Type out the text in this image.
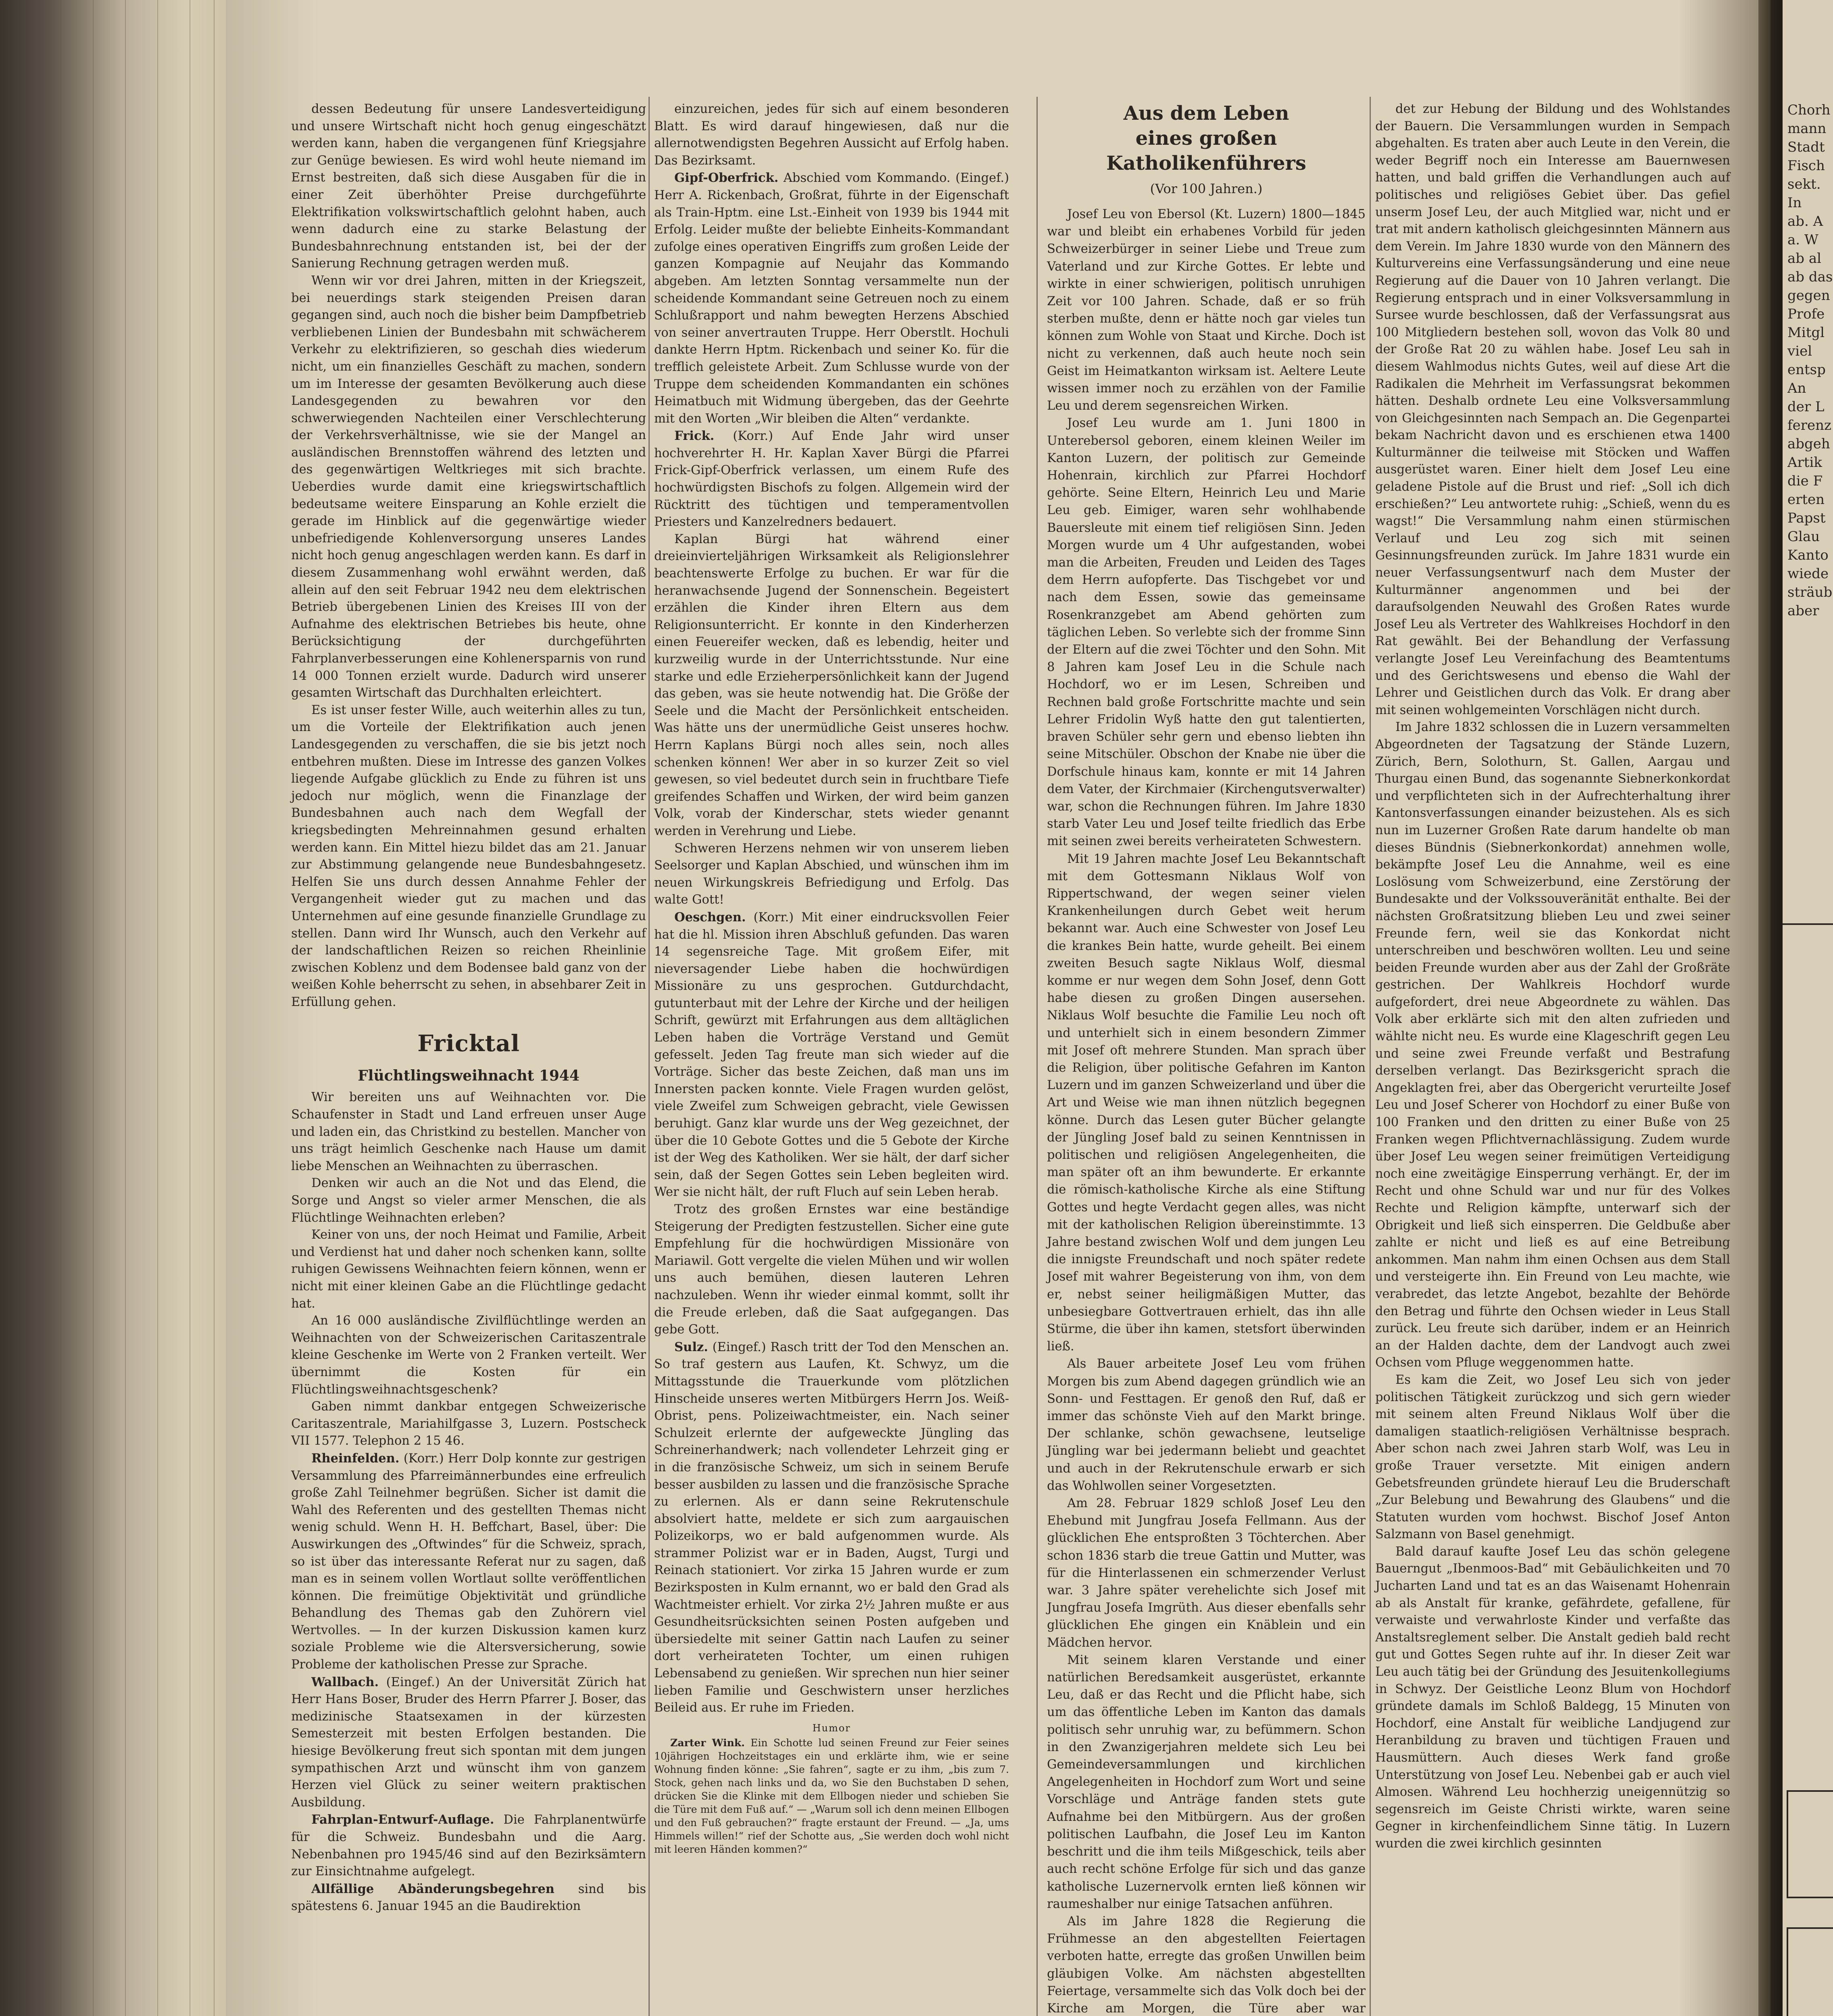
Chorh
mann
Stadt
Fisch
sekt.
In
ab. A
a. W
ab al
ab das
gegen
Profe
Mitgl
viel
entsp
An
der L
ferenz
abgeh
Artik
die F
erten
Papst
Glau
Kanto
wiede
sträub
aber

dessen Bedeutung für unsere Landesverteidigung und unsere Wirtschaft nicht hoch genug eingeschätzt werden kann, haben die vergangenen fünf Kriegsjahre zur Genüge bewiesen. Es wird wohl heute niemand im Ernst bestreiten, daß sich diese Ausgaben für die in einer Zeit überhöhter Preise durchgeführte Elektrifikation volkswirtschaftlich gelohnt haben, auch wenn dadurch eine zu starke Belastung der Bundesbahnrechnung entstanden ist, bei der der Sanierung Rechnung getragen werden muß.

Wenn wir vor drei Jahren, mitten in der Kriegszeit, bei neuerdings stark steigenden Preisen daran gegangen sind, auch noch die bisher beim Dampfbetrieb verbliebenen Linien der Bundesbahn mit schwächerem Verkehr zu elektrifizieren, so geschah dies wiederum nicht, um ein finanzielles Geschäft zu machen, sondern um im Interesse der gesamten Bevölkerung auch diese Landesgegenden zu bewahren vor den schwerwiegenden Nachteilen einer Verschlechterung der Verkehrsverhältnisse, wie sie der Mangel an ausländischen Brennstoffen während des letzten und des gegenwärtigen Weltkrieges mit sich brachte. Ueberdies wurde damit eine kriegswirtschaftlich bedeutsame weitere Einsparung an Kohle erzielt die gerade im Hinblick auf die gegenwärtige wieder unbefriedigende Kohlenversorgung unseres Landes nicht hoch genug angeschlagen werden kann. Es darf in diesem Zusammenhang wohl erwähnt werden, daß allein auf den seit Februar 1942 neu dem elektrischen Betrieb übergebenen Linien des Kreises III von der Aufnahme des elektrischen Betriebes bis heute, ohne Berücksichtigung der durchgeführten Fahrplanverbesserungen eine Kohlenersparnis von rund 14 000 Tonnen erzielt wurde. Dadurch wird unserer gesamten Wirtschaft das Durchhalten erleichtert.

Es ist unser fester Wille, auch weiterhin alles zu tun, um die Vorteile der Elektrifikation auch jenen Landesgegenden zu verschaffen, die sie bis jetzt noch entbehren mußten. Diese im Intresse des ganzen Volkes liegende Aufgabe glücklich zu Ende zu führen ist uns jedoch nur möglich, wenn die Finanzlage der Bundesbahnen auch nach dem Wegfall der kriegsbedingten Mehreinnahmen gesund erhalten werden kann. Ein Mittel hiezu bildet das am 21. Januar zur Abstimmung gelangende neue Bundesbahngesetz. Helfen Sie uns durch dessen Annahme Fehler der Vergangenheit wieder gut zu machen und das Unternehmen auf eine gesunde finanzielle Grundlage zu stellen. Dann wird Ihr Wunsch, auch den Verkehr auf der landschaftlichen Reizen so reichen Rheinlinie zwischen Koblenz und dem Bodensee bald ganz von der weißen Kohle beherrscht zu sehen, in absehbarer Zeit in Erfüllung gehen.

Fricktal
Flüchtlingsweihnacht 1944

Wir bereiten uns auf Weihnachten vor. Die Schaufenster in Stadt und Land erfreuen unser Auge und laden ein, das Christkind zu bestellen. Mancher von uns trägt heimlich Geschenke nach Hause um damit liebe Menschen an Weihnachten zu überraschen.

Denken wir auch an die Not und das Elend, die Sorge und Angst so vieler armer Menschen, die als Flüchtlinge Weihnachten erleben?

Keiner von uns, der noch Heimat und Familie, Arbeit und Verdienst hat und daher noch schenken kann, sollte ruhigen Gewissens Weihnachten feiern können, wenn er nicht mit einer kleinen Gabe an die Flüchtlinge gedacht hat.

An 16 000 ausländische Zivilflüchtlinge werden an Weihnachten von der Schweizerischen Caritaszentrale kleine Geschenke im Werte von 2 Franken verteilt. Wer übernimmt die Kosten für ein Flüchtlingsweihnachtsgeschenk?

Gaben nimmt dankbar entgegen Schweizerische Caritaszentrale, Mariahilfgasse 3, Luzern. Postscheck VII 1577. Telephon 2 15 46.

Rheinfelden. (Korr.) Herr Dolp konnte zur gestrigen Versammlung des Pfarreimännerbundes eine erfreulich große Zahl Teilnehmer begrüßen. Sicher ist damit die Wahl des Referenten und des gestellten Themas nicht wenig schuld. Wenn H. H. Beffchart, Basel, über: Die Auswirkungen des „Oftwindes“ für die Schweiz, sprach, so ist über das interessante Referat nur zu sagen, daß man es in seinem vollen Wortlaut sollte veröffentlichen können. Die freimütige Objektivität und gründliche Behandlung des Themas gab den Zuhörern viel Wertvolles. — In der kurzen Diskussion kamen kurz soziale Probleme wie die Altersversicherung, sowie Probleme der katholischen Presse zur Sprache.

Wallbach. (Eingef.) An der Universität Zürich hat Herr Hans Boser, Bruder des Herrn Pfarrer J. Boser, das medizinische Staatsexamen in der kürzesten Semesterzeit mit besten Erfolgen bestanden. Die hiesige Bevölkerung freut sich spontan mit dem jungen sympathischen Arzt und wünscht ihm von ganzem Herzen viel Glück zu seiner weitern praktischen Ausbildung.

Fahrplan-Entwurf-Auflage. Die Fahrplanentwürfe für die Schweiz. Bundesbahn und die Aarg. Nebenbahnen pro 1945/46 sind auf den Bezirksämtern zur Einsichtnahme aufgelegt.

Allfällige Abänderungsbegehren sind bis spätestens 6. Januar 1945 an die Baudirektion

einzureichen, jedes für sich auf einem besonderen Blatt. Es wird darauf hingewiesen, daß nur die allernotwendigsten Begehren Aussicht auf Erfolg haben. Das Bezirksamt.

Gipf-Oberfrick. Abschied vom Kommando. (Eingef.) Herr A. Rickenbach, Großrat, führte in der Eigenschaft als Train-Hptm. eine Lst.-Einheit von 1939 bis 1944 mit Erfolg. Leider mußte der beliebte Einheits-Kommandant zufolge eines operativen Eingriffs zum großen Leide der ganzen Kompagnie auf Neujahr das Kommando abgeben. Am letzten Sonntag versammelte nun der scheidende Kommandant seine Getreuen noch zu einem Schlußrapport und nahm bewegten Herzens Abschied von seiner anvertrauten Truppe. Herr Oberstlt. Hochuli dankte Herrn Hptm. Rickenbach und seiner Ko. für die trefflich geleistete Arbeit. Zum Schlusse wurde von der Truppe dem scheidenden Kommandanten ein schönes Heimatbuch mit Widmung übergeben, das der Geehrte mit den Worten „Wir bleiben die Alten“ verdankte.

Frick. (Korr.) Auf Ende Jahr wird unser hochverehrter H. Hr. Kaplan Xaver Bürgi die Pfarrei Frick-Gipf-Oberfrick verlassen, um einem Rufe des hochwürdigsten Bischofs zu folgen. Allgemein wird der Rücktritt des tüchtigen und temperamentvollen Priesters und Kanzelredners bedauert.

Kaplan Bürgi hat während einer dreieinvierteljährigen Wirksamkeit als Religionslehrer beachtenswerte Erfolge zu buchen. Er war für die heranwachsende Jugend der Sonnenschein. Begeistert erzählen die Kinder ihren Eltern aus dem Religionsunterricht. Er konnte in den Kinderherzen einen Feuereifer wecken, daß es lebendig, heiter und kurzweilig wurde in der Unterrichtsstunde. Nur eine starke und edle Erzieherpersönlichkeit kann der Jugend das geben, was sie heute notwendig hat. Die Größe der Seele und die Macht der Persönlichkeit entscheiden. Was hätte uns der unermüdliche Geist unseres hochw. Herrn Kaplans Bürgi noch alles sein, noch alles schenken können! Wer aber in so kurzer Zeit so viel gewesen, so viel bedeutet durch sein in fruchtbare Tiefe greifendes Schaffen und Wirken, der wird beim ganzen Volk, vorab der Kinderschar, stets wieder genannt werden in Verehrung und Liebe.

Schweren Herzens nehmen wir von unserem lieben Seelsorger und Kaplan Abschied, und wünschen ihm im neuen Wirkungskreis Befriedigung und Erfolg. Das walte Gott!

Oeschgen. (Korr.) Mit einer eindrucksvollen Feier hat die hl. Mission ihren Abschluß gefunden. Das waren 14 segensreiche Tage. Mit großem Eifer, mit nieversagender Liebe haben die hochwürdigen Missionäre zu uns gesprochen. Gutdurchdacht, gutunterbaut mit der Lehre der Kirche und der heiligen Schrift, gewürzt mit Erfahrungen aus dem alltäglichen Leben haben die Vorträge Verstand und Gemüt gefesselt. Jeden Tag freute man sich wieder auf die Vorträge. Sicher das beste Zeichen, daß man uns im Innersten packen konnte. Viele Fragen wurden gelöst, viele Zweifel zum Schweigen gebracht, viele Gewissen beruhigt. Ganz klar wurde uns der Weg gezeichnet, der über die 10 Gebote Gottes und die 5 Gebote der Kirche ist der Weg des Katholiken. Wer sie hält, der darf sicher sein, daß der Segen Gottes sein Leben begleiten wird. Wer sie nicht hält, der ruft Fluch auf sein Leben herab.

Trotz des großen Ernstes war eine beständige Steigerung der Predigten festzustellen. Sicher eine gute Empfehlung für die hochwürdigen Missionäre von Mariawil. Gott vergelte die vielen Mühen und wir wollen uns auch bemühen, diesen lauteren Lehren nachzuleben. Wenn ihr wieder einmal kommt, sollt ihr die Freude erleben, daß die Saat aufgegangen. Das gebe Gott.

Sulz. (Eingef.) Rasch tritt der Tod den Menschen an. So traf gestern aus Laufen, Kt. Schwyz, um die Mittagsstunde die Trauerkunde vom plötzlichen Hinscheide unseres werten Mitbürgers Herrn Jos. Weiß-Obrist, pens. Polizeiwachtmeister, ein. Nach seiner Schulzeit erlernte der aufgeweckte Jüngling das Schreinerhandwerk; nach vollendeter Lehrzeit ging er in die französische Schweiz, um sich in seinem Berufe besser ausbilden zu lassen und die französische Sprache zu erlernen. Als er dann seine Rekrutenschule absolviert hatte, meldete er sich zum aargauischen Polizeikorps, wo er bald aufgenommen wurde. Als strammer Polizist war er in Baden, Augst, Turgi und Reinach stationiert. Vor zirka 15 Jahren wurde er zum Bezirksposten in Kulm ernannt, wo er bald den Grad als Wachtmeister erhielt. Vor zirka 2½ Jahren mußte er aus Gesundheitsrücksichten seinen Posten aufgeben und übersiedelte mit seiner Gattin nach Laufen zu seiner dort verheirateten Tochter, um einen ruhigen Lebensabend zu genießen. Wir sprechen nun hier seiner lieben Familie und Geschwistern unser herzliches Beileid aus. Er ruhe im Frieden.

Humor

Zarter Wink. Ein Schotte lud seinen Freund zur Feier seines 10jährigen Hochzeitstages ein und erklärte ihm, wie er seine Wohnung finden könne: „Sie fahren“, sagte er zu ihm, „bis zum 7. Stock, gehen nach links und da, wo Sie den Buchstaben D sehen, drücken Sie die Klinke mit dem Ellbogen nieder und schieben Sie die Türe mit dem Fuß auf.“ — „Warum soll ich denn meinen Ellbogen und den Fuß gebrauchen?“ fragte erstaunt der Freund. — „Ja, ums Himmels willen!“ rief der Schotte aus, „Sie werden doch wohl nicht mit leeren Händen kommen?“

Aus dem Leben
eines großen Katholikenführers
(Vor 100 Jahren.)

Josef Leu von Ebersol (Kt. Luzern) 1800—1845 war und bleibt ein erhabenes Vorbild für jeden Schweizerbürger in seiner Liebe und Treue zum Vaterland und zur Kirche Gottes. Er lebte und wirkte in einer schwierigen, politisch unruhigen Zeit vor 100 Jahren. Schade, daß er so früh sterben mußte, denn er hätte noch gar vieles tun können zum Wohle von Staat und Kirche. Doch ist nicht zu verkennen, daß auch heute noch sein Geist im Heimatkanton wirksam ist. Aeltere Leute wissen immer noch zu erzählen von der Familie Leu und derem segensreichen Wirken.

Josef Leu wurde am 1. Juni 1800 in Unterebersol geboren, einem kleinen Weiler im Kanton Luzern, der politisch zur Gemeinde Hohenrain, kirchlich zur Pfarrei Hochdorf gehörte. Seine Eltern, Heinrich Leu und Marie Leu geb. Eimiger, waren sehr wohlhabende Bauersleute mit einem tief religiösen Sinn. Jeden Morgen wurde um 4 Uhr aufgestanden, wobei man die Arbeiten, Freuden und Leiden des Tages dem Herrn aufopferte. Das Tischgebet vor und nach dem Essen, sowie das gemeinsame Rosenkranzgebet am Abend gehörten zum täglichen Leben. So verlebte sich der fromme Sinn der Eltern auf die zwei Töchter und den Sohn. Mit 8 Jahren kam Josef Leu in die Schule nach Hochdorf, wo er im Lesen, Schreiben und Rechnen bald große Fortschritte machte und sein Lehrer Fridolin Wyß hatte den gut talentierten, braven Schüler sehr gern und ebenso liebten ihn seine Mitschüler. Obschon der Knabe nie über die Dorfschule hinaus kam, konnte er mit 14 Jahren dem Vater, der Kirchmaier (Kirchengutsverwalter) war, schon die Rechnungen führen. Im Jahre 1830 starb Vater Leu und Josef teilte friedlich das Erbe mit seinen zwei bereits verheirateten Schwestern.

Mit 19 Jahren machte Josef Leu Bekanntschaft mit dem Gottesmann Niklaus Wolf von Rippertschwand, der wegen seiner vielen Krankenheilungen durch Gebet weit herum bekannt war. Auch eine Schwester von Josef Leu die krankes Bein hatte, wurde geheilt. Bei einem zweiten Besuch sagte Niklaus Wolf, diesmal komme er nur wegen dem Sohn Josef, denn Gott habe diesen zu großen Dingen ausersehen. Niklaus Wolf besuchte die Familie Leu noch oft und unterhielt sich in einem besondern Zimmer mit Josef oft mehrere Stunden. Man sprach über die Religion, über politische Gefahren im Kanton Luzern und im ganzen Schweizerland und über die Art und Weise wie man ihnen nützlich begegnen könne. Durch das Lesen guter Bücher gelangte der Jüngling Josef bald zu seinen Kenntnissen in politischen und religiösen Angelegenheiten, die man später oft an ihm bewunderte. Er erkannte die römisch-katholische Kirche als eine Stiftung Gottes und hegte Verdacht gegen alles, was nicht mit der katholischen Religion übereinstimmte. 13 Jahre bestand zwischen Wolf und dem jungen Leu die innigste Freundschaft und noch später redete Josef mit wahrer Begeisterung von ihm, von dem er, nebst seiner heiligmäßigen Mutter, das unbesiegbare Gottvertrauen erhielt, das ihn alle Stürme, die über ihn kamen, stetsfort überwinden ließ.

Als Bauer arbeitete Josef Leu vom frühen Morgen bis zum Abend dagegen gründlich wie an Sonn- und Festtagen. Er genoß den Ruf, daß er immer das schönste Vieh auf den Markt bringe. Der schlanke, schön gewachsene, leutselige Jüngling war bei jedermann beliebt und geachtet und auch in der Rekrutenschule erwarb er sich das Wohlwollen seiner Vorgesetzten.

Am 28. Februar 1829 schloß Josef Leu den Ehebund mit Jungfrau Josefa Fellmann. Aus der glücklichen Ehe entsproßten 3 Töchterchen. Aber schon 1836 starb die treue Gattin und Mutter, was für die Hinterlassenen ein schmerzender Verlust war. 3 Jahre später verehelichte sich Josef mit Jungfrau Josefa Imgrüth. Aus dieser ebenfalls sehr glücklichen Ehe gingen ein Knäblein und ein Mädchen hervor.

Mit seinem klaren Verstande und einer natürlichen Beredsamkeit ausgerüstet, erkannte Leu, daß er das Recht und die Pflicht habe, sich um das öffentliche Leben im Kanton das damals politisch sehr unruhig war, zu befümmern. Schon in den Zwanzigerjahren meldete sich Leu bei Gemeindeversammlungen und kirchlichen Angelegenheiten in Hochdorf zum Wort und seine Vorschläge und Anträge fanden stets gute Aufnahme bei den Mitbürgern. Aus der großen politischen Laufbahn, die Josef Leu im Kanton beschritt und die ihm teils Mißgeschick, teils aber auch recht schöne Erfolge für sich und das ganze katholische Luzernervolk ernten ließ können wir raumeshalber nur einige Tatsachen anführen.

Als im Jahre 1828 die Regierung die Frühmesse an den abgestellten Feiertagen verboten hatte, erregte das großen Unwillen beim gläubigen Volke. Am nächsten abgestellten Feiertage, versammelte sich das Volk doch bei der Kirche am Morgen, die Türe aber war

det zur Hebung der Bildung und des Wohlstandes der Bauern. Die Versammlungen wurden in Sempach abgehalten. Es traten aber auch Leute in den Verein, die weder Begriff noch ein Interesse am Bauernwesen hatten, und bald griffen die Verhandlungen auch auf politisches und religiöses Gebiet über. Das gefiel unserm Josef Leu, der auch Mitglied war, nicht und er trat mit andern katholisch gleichgesinnten Männern aus dem Verein. Im Jahre 1830 wurde von den Männern des Kulturvereins eine Verfassungsänderung und eine neue Regierung auf die Dauer von 10 Jahren verlangt. Die Regierung entsprach und in einer Volksversammlung in Sursee wurde beschlossen, daß der Verfassungsrat aus 100 Mitgliedern bestehen soll, wovon das Volk 80 und der Große Rat 20 zu wählen habe. Josef Leu sah in diesem Wahlmodus nichts Gutes, weil auf diese Art die Radikalen die Mehrheit im Verfassungsrat bekommen hätten. Deshalb ordnete Leu eine Volksversammlung von Gleichgesinnten nach Sempach an. Die Gegenpartei bekam Nachricht davon und es erschienen etwa 1400 Kulturmänner die teilweise mit Stöcken und Waffen ausgerüstet waren. Einer hielt dem Josef Leu eine geladene Pistole auf die Brust und rief: „Soll ich dich erschießen?“ Leu antwortete ruhig: „Schieß, wenn du es wagst!“ Die Versammlung nahm einen stürmischen Verlauf und Leu zog sich mit seinen Gesinnungsfreunden zurück. Im Jahre 1831 wurde ein neuer Verfassungsentwurf nach dem Muster der Kulturmänner angenommen und bei der daraufsolgenden Neuwahl des Großen Rates wurde Josef Leu als Vertreter des Wahlkreises Hochdorf in den Rat gewählt. Bei der Behandlung der Verfassung verlangte Josef Leu Vereinfachung des Beamtentums und des Gerichtswesens und ebenso die Wahl der Lehrer und Geistlichen durch das Volk. Er drang aber mit seinen wohlgemeinten Vorschlägen nicht durch.

Im Jahre 1832 schlossen die in Luzern versammelten Abgeordneten der Tagsatzung der Stände Luzern, Zürich, Bern, Solothurn, St. Gallen, Aargau und Thurgau einen Bund, das sogenannte Siebnerkonkordat und verpflichteten sich in der Aufrechterhaltung ihrer Kantonsverfassungen einander beizustehen. Als es sich nun im Luzerner Großen Rate darum handelte ob man dieses Bündnis (Siebnerkonkordat) annehmen wolle, bekämpfte Josef Leu die Annahme, weil es eine Loslösung vom Schweizerbund, eine Zerstörung der Bundesakte und der Volkssouveränität enthalte. Bei der nächsten Großratsitzung blieben Leu und zwei seiner Freunde fern, weil sie das Konkordat nicht unterschreiben und beschwören wollten. Leu und seine beiden Freunde wurden aber aus der Zahl der Großräte gestrichen. Der Wahlkreis Hochdorf wurde aufgefordert, drei neue Abgeordnete zu wählen. Das Volk aber erklärte sich mit den alten zufrieden und wählte nicht neu. Es wurde eine Klageschrift gegen Leu und seine zwei Freunde verfaßt und Bestrafung derselben verlangt. Das Bezirksgericht sprach die Angeklagten frei, aber das Obergericht verurteilte Josef Leu und Josef Scherer von Hochdorf zu einer Buße von 100 Franken und den dritten zu einer Buße von 25 Franken wegen Pflichtvernachlässigung. Zudem wurde über Josef Leu wegen seiner freimütigen Verteidigung noch eine zweitägige Einsperrung verhängt. Er, der im Recht und ohne Schuld war und nur für des Volkes Rechte und Religion kämpfte, unterwarf sich der Obrigkeit und ließ sich einsperren. Die Geldbuße aber zahlte er nicht und ließ es auf eine Betreibung ankommen. Man nahm ihm einen Ochsen aus dem Stall und versteigerte ihn. Ein Freund von Leu machte, wie verabredet, das letzte Angebot, bezahlte der Behörde den Betrag und führte den Ochsen wieder in Leus Stall zurück. Leu freute sich darüber, indem er an Heinrich an der Halden dachte, dem der Landvogt auch zwei Ochsen vom Pfluge weggenommen hatte.

Es kam die Zeit, wo Josef Leu sich von jeder politischen Tätigkeit zurückzog und sich gern wieder mit seinem alten Freund Niklaus Wolf über die damaligen staatlich-religiösen Verhältnisse besprach. Aber schon nach zwei Jahren starb Wolf, was Leu in große Trauer versetzte. Mit einigen andern Gebetsfreunden gründete hierauf Leu die Bruderschaft „Zur Belebung und Bewahrung des Glaubens“ und die Statuten wurden vom hochwst. Bischof Josef Anton Salzmann von Basel genehmigt.

Bald darauf kaufte Josef Leu das schön gelegene Bauerngut „Ibenmoos-Bad“ mit Gebäulichkeiten und 70 Jucharten Land und tat es an das Waisenamt Hohenrain ab als Anstalt für kranke, gefährdete, gefallene, für verwaiste und verwahrloste Kinder und verfaßte das Anstaltsreglement selber. Die Anstalt gedieh bald recht gut und Gottes Segen ruhte auf ihr. In dieser Zeit war Leu auch tätig bei der Gründung des Jesuitenkollegiums in Schwyz. Der Geistliche Leonz Blum von Hochdorf gründete damals im Schloß Baldegg, 15 Minuten von Hochdorf, eine Anstalt für weibliche Landjugend zur Heranbildung zu braven und tüchtigen Frauen und Hausmüttern. Auch dieses Werk fand große Unterstützung von Josef Leu. Nebenbei gab er auch viel Almosen. Während Leu hochherzig uneigennützig so segensreich im Geiste Christi wirkte, waren seine Gegner in kirchenfeindlichem Sinne tätig. In Luzern wurden die zwei kirchlich gesinnten
